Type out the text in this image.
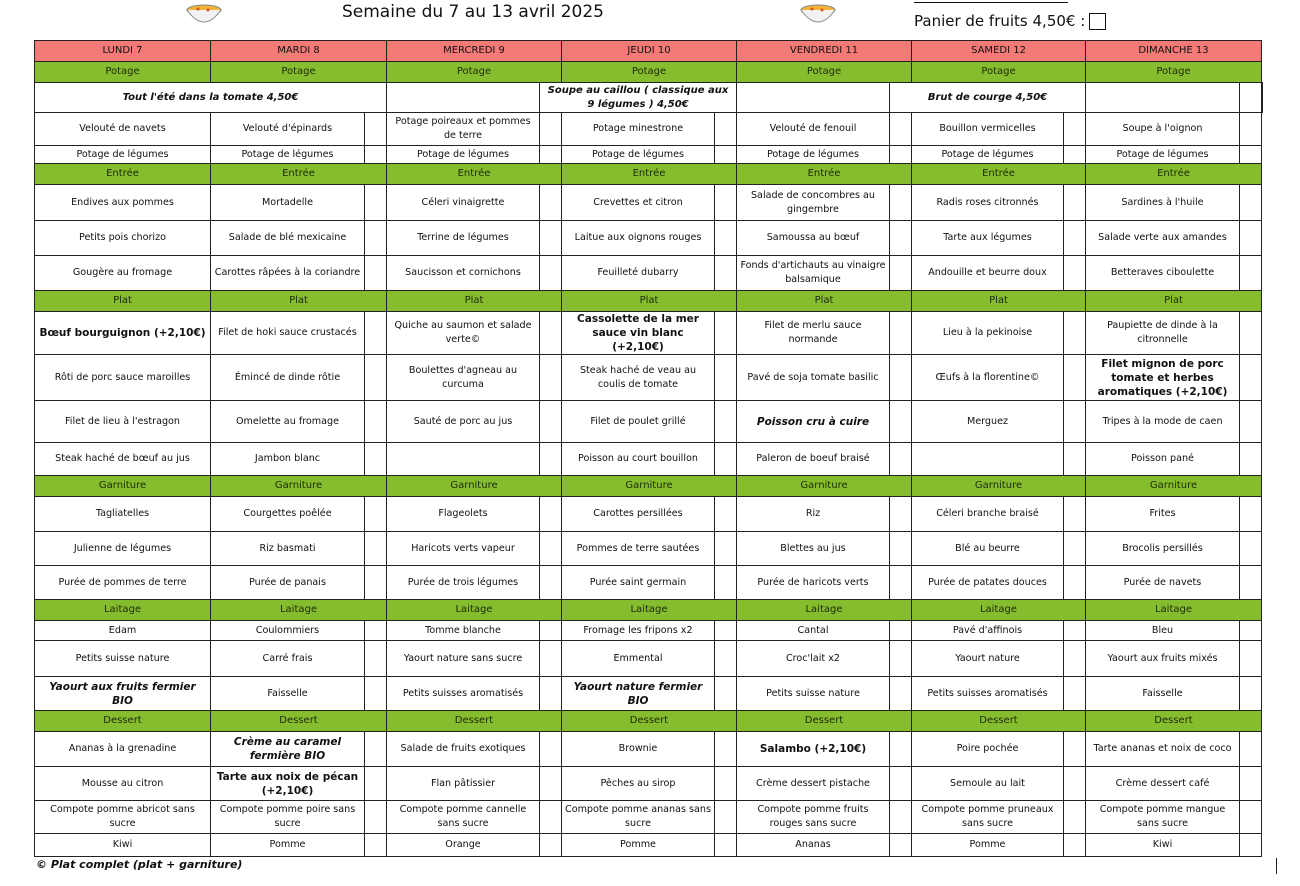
Semaine du 7 au 13 avril 2025	Panier de fruits 4,50€ :
LUNDI 7	MARDI 8		MERCREDI 9		JEUDI 10		VENDREDI 11		SAMEDI 12		DIMANCHE 13		
Potage	Potage		Potage		Potage		Potage		Potage		Potage		
Tout l'été dans la tomate 4,50€				Soupe au caillou ( classique aux 9 légumes ) 4,50€				Brut de courge 4,50€					
Velouté de navets	Velouté d'épinards		Potage poireaux et pommes de terre		Potage minestrone		Velouté de fenouil		Bouillon vermicelles		Soupe à l'oignon		
Potage de légumes	Potage de légumes		Potage de légumes		Potage de légumes		Potage de légumes		Potage de légumes		Potage de légumes		
Entrée	Entrée		Entrée		Entrée		Entrée		Entrée		Entrée		
Endives aux pommes	Mortadelle		Céleri vinaigrette		Crevettes et citron		Salade de concombres au gingembre		Radis roses citronnés		Sardines à l'huile		
Petits pois chorizo	Salade de blé mexicaine		Terrine de légumes		Laitue aux oignons rouges		Samoussa au bœuf		Tarte aux légumes		Salade verte aux amandes		
Gougère au fromage	Carottes râpées à la coriandre		Saucisson et cornichons		Feuilleté dubarry		Fonds d'artichauts au vinaigre balsamique		Andouille et beurre doux		Betteraves ciboulette		
Plat	Plat		Plat		Plat		Plat		Plat		Plat		
Bœuf bourguignon (+2,10€)	Filet de hoki sauce crustacés		Quiche au saumon et salade verte©		Cassolette de la mer sauce vin blanc (+2,10€)		Filet de merlu sauce normande		Lieu à la pekinoise		Paupiette de dinde à la citronnelle		
Rôti de porc sauce maroilles	Émincé de dinde rôtie		Boulettes d'agneau au curcuma		Steak haché de veau au coulis de tomate		Pavé de soja tomate basilic		Œufs à la florentine©		Filet mignon de porc tomate et herbes aromatiques (+2,10€)		
Filet de lieu à l'estragon	Omelette au fromage		Sauté de porc au jus		Filet de poulet grillé		Poisson cru à cuire		Merguez		Tripes à la mode de caen		
Steak haché de bœuf au jus	Jambon blanc				Poisson au court bouillon		Paleron de boeuf braisé				Poisson pané		
Garniture	Garniture		Garniture		Garniture		Garniture		Garniture		Garniture		
Tagliatelles	Courgettes poêlée		Flageolets		Carottes persillées		Riz		Céleri branche braisé		Frites		
Julienne de légumes	Riz basmati		Haricots verts vapeur		Pommes de terre sautées		Blettes au jus		Blé au beurre		Brocolis persillés		
Purée de pommes de terre	Purée de panais		Purée de trois légumes		Purée saint germain		Purée de haricots verts		Purée de patates douces		Purée de navets		
Laitage	Laitage		Laitage		Laitage		Laitage		Laitage		Laitage		
Edam	Coulommiers		Tomme blanche		Fromage les fripons x2		Cantal		Pavé d'affinois		Bleu		
Petits suisse nature	Carré frais		Yaourt nature sans sucre		Emmental		Croc'lait x2		Yaourt nature		Yaourt aux fruits mixés		
Yaourt aux fruits fermier BIO	Faisselle		Petits suisses aromatisés		Yaourt nature fermier BIO		Petits suisse nature		Petits suisses aromatisés		Faisselle		
Dessert	Dessert		Dessert		Dessert		Dessert		Dessert		Dessert		
Ananas à la grenadine	Crème au caramel fermière BIO		Salade de fruits exotiques		Brownie		Salambo (+2,10€)		Poire pochée		Tarte ananas et noix de coco		
Mousse au citron	Tarte aux noix de pécan (+2,10€)		Flan pâtissier		Pêches au sirop		Crème dessert pistache		Semoule au lait		Crème dessert café		
Compote pomme abricot sans sucre	Compote pomme poire sans sucre		Compote pomme cannelle sans sucre		Compote pomme ananas sans sucre		Compote pomme fruits rouges sans sucre		Compote pomme pruneaux sans sucre		Compote pomme mangue sans sucre		
Kiwi	Pomme		Orange		Pomme		Ananas		Pomme		Kiwi		
© Plat complet (plat + garniture)
